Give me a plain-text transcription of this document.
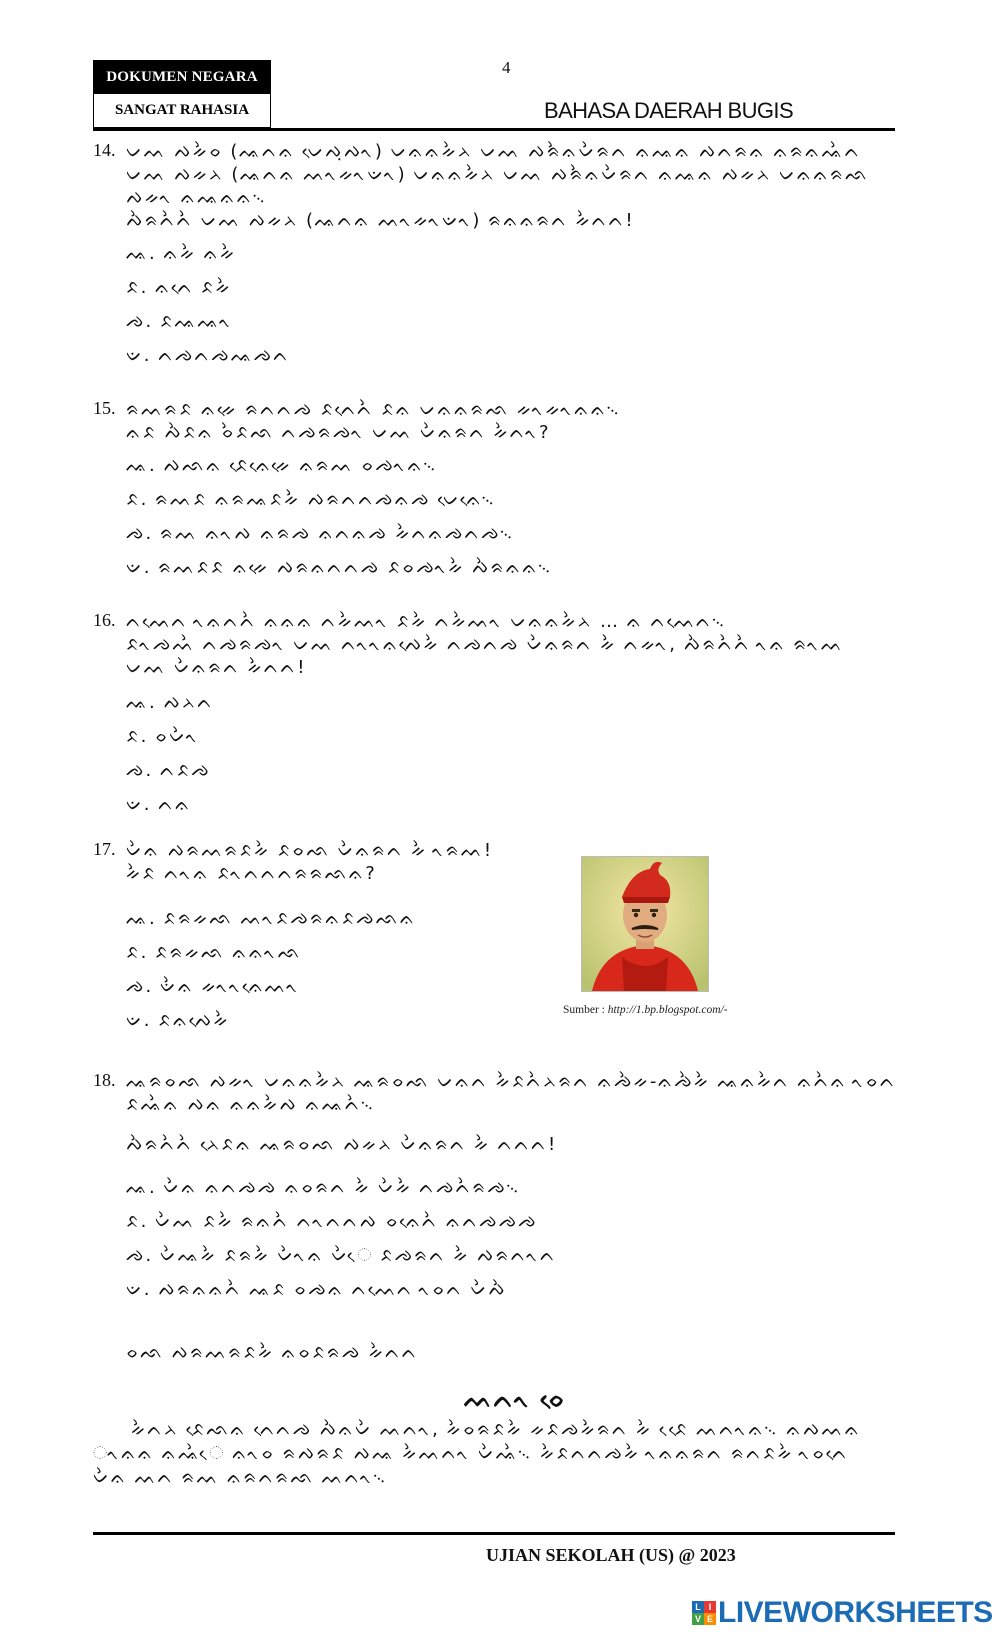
DOKUMEN NEGARA
SANGAT RAHASIA
4
BAHASA DAERAH BUGIS
14. ᨆᨓ ᨄᨀᨛᨔ (ᨕᨈᨊ ᨆᨙᨄᨘᨄᨚ) ᨆᨊᨊᨀᨛᨂ ᨆᨓ ᨄᨑᨛᨊᨆᨛᨑᨈ ᨊᨕᨊ ᨄᨈᨑᨊ ᨊᨑᨊᨕᨛᨈ
ᨆᨓ ᨄᨀᨂ (ᨕᨈᨊ ᨓᨚᨀᨚᨉᨚ) ᨆᨊᨊᨀᨛᨂ ᨆᨓ ᨄᨑᨛᨊᨆᨛᨑᨈ ᨊᨕᨊ ᨄᨀᨂ ᨆᨊᨊᨑᨒ
ᨄᨀᨚ ᨊᨕᨊᨊ᨞
ᨄᨛᨑᨈᨛᨈᨛ ᨆᨓ ᨄᨀᨂ (ᨕᨈᨊ ᨓᨚᨀᨚᨉᨚ) ᨑᨊᨊᨑᨈ ᨀᨛᨈᨈ!
ᨕ. ᨊᨀᨛ ᨊᨀᨛ
ᨅ. ᨊᨈᨙ ᨅᨀᨛ
ᨌ. ᨅᨕᨕᨚ
ᨉ. ᨈᨌᨈᨌᨕᨌᨈ
15. ᨑᨓᨑᨅ ᨊᨀᨙ ᨑᨈᨈᨌ ᨅᨈᨙᨈᨛ ᨅᨊ ᨆᨊᨊᨑᨒ ᨀᨚᨀᨚᨊᨊ᨞
ᨊᨅ ᨄᨛᨅᨊ ᨔᨛᨅᨒ ᨈᨌᨑᨌᨚ ᨆᨓ ᨆᨛᨊᨑᨈ ᨀᨛᨈᨚ?
ᨕ. ᨄᨒᨊ ᨅᨙᨊᨙᨀᨙ ᨊᨑᨓ ᨔᨌᨚᨊ᨞
ᨅ. ᨑᨓᨅ ᨊᨑᨕᨅᨀᨛ ᨄᨑᨈᨈᨌᨊᨌ ᨆᨙᨊᨙ᨞
ᨌ. ᨑᨓ ᨊᨚᨄ ᨊᨑᨌ ᨊᨈᨊᨌ ᨀᨛᨈᨊᨌᨈᨌ᨞
ᨉ. ᨑᨓᨅᨅ ᨊᨀᨙ ᨄᨑᨊᨈᨈᨌ ᨅᨔᨌᨚᨀᨛ ᨄᨛᨑᨊᨊ᨞
16. ᨈᨓᨙᨈ ᨚᨊᨈᨈᨛ ᨊᨊᨊ ᨈᨀᨛᨓᨚ ᨅᨀᨛ ᨈᨀᨛᨓᨚ ᨆᨊᨊᨀᨛᨂ … ᨊ ᨈᨓᨙᨈ᨞
ᨅᨚᨌᨓᨛ ᨈᨌᨑᨌᨚ ᨆᨓ ᨈᨚᨚᨊᨄᨙᨀᨛ ᨈᨌᨈᨌ ᨆᨛᨊᨑᨈ ᨀᨛ ᨈᨀᨚ, ᨄᨛᨑᨈᨛᨈᨛ ᨚᨊ ᨑᨚᨓ
ᨆᨓ ᨆᨛᨊᨑᨈ ᨀᨛᨈᨈ!
ᨕ. ᨄᨂᨈ
ᨅ. ᨔᨆᨛᨚ
ᨌ. ᨈᨅᨌ
ᨉ. ᨈᨊ
17. ᨆᨛᨊ ᨄᨑᨓᨑᨅᨀᨛ ᨅᨔᨒ ᨆᨛᨊᨑᨈ ᨀᨛ ᨚᨑᨓ!
ᨀᨛᨅ ᨈᨚᨊ ᨅᨚᨈᨈᨈᨑᨑᨒᨊ?
ᨕ. ᨅᨑᨀᨒ ᨓᨚᨅᨌᨑᨊᨅᨌᨒᨊ
ᨅ. ᨅᨑᨀᨒ ᨊᨊᨚᨒ
ᨌ. ᨉᨛᨊ ᨀᨚᨚᨊᨙᨓᨚ
ᨉ. ᨅᨊᨄᨙᨀᨛ	Sumber : http://1.bp.blogspot.com/-
18. ᨕᨑᨔᨒ ᨄᨀᨚ ᨆᨊᨊᨀᨛᨂ ᨕᨑᨔᨒ ᨆᨊᨈ ᨀᨛᨅᨈᨛᨂᨑᨈ ᨊᨌᨛᨀ-ᨊᨌᨛᨀᨛ ᨕᨊᨀᨛᨈ ᨊᨈᨛᨊ ᨚᨔᨈ
ᨅᨕᨛᨊ ᨄᨊ ᨊᨊᨀᨛᨄ ᨊᨕᨈᨛ᨞
ᨄᨛᨑᨈᨛᨈᨛ ᨂᨙᨅᨊ ᨕᨑᨔᨒ ᨄᨀᨂ ᨆᨛᨊᨑᨈ ᨀᨛ ᨈᨈᨈ!
ᨕ. ᨆᨛᨊ ᨊᨈᨌᨌ ᨊᨔᨑᨈ ᨀᨛ ᨆᨛᨀᨛ ᨈᨌᨈᨛᨑᨌ᨞
ᨅ. ᨆᨛᨓ ᨅᨀᨛ ᨑᨊᨈᨛ ᨈᨚᨈᨈᨄ ᨔᨊᨙᨈᨛ ᨊᨈᨌᨌᨌ
ᨌ. ᨆᨛᨕᨀᨛ ᨅᨑᨀᨛ ᨆᨛᨚᨊ ᨆᨛᨙ ᨅᨌᨑᨈ ᨀᨛ ᨄᨑᨈᨚᨈ
ᨉ. ᨄᨑᨊᨊᨈᨛ ᨕᨅ ᨔᨌᨊ ᨈᨓᨙᨈ ᨚᨔᨈ ᨆᨛᨄᨛ
ᨔᨒ ᨄᨑᨓᨑᨅᨀᨛ ᨊᨔᨅᨑᨌ ᨀᨛᨈᨈ
ᨓᨈᨚ ᨔᨙ
ᨀᨛᨈᨂ ᨅᨙᨒᨊ ᨈᨙᨈᨌ ᨄᨛᨊᨆᨛ ᨓᨈᨚ, ᨀᨛᨔᨑᨅᨀᨛ ᨀᨅᨌᨀᨛᨑᨈ ᨀᨛ ᨅᨙᨙ ᨓᨈᨚᨊ᨞ ᨊᨄᨓᨊ
ᨚᨊᨊ ᨊᨕᨛᨙ ᨊᨚᨔ ᨑᨄᨑᨅ ᨄᨕ ᨀᨛᨓᨈᨚ ᨆᨛᨕᨛ᨞ ᨀᨛᨅᨈᨈᨌᨀᨛ ᨚᨊᨊᨑᨈ ᨑᨈᨅᨀᨛ ᨚᨔᨈᨙ
ᨆᨛᨊ ᨓᨈ ᨑᨓ ᨊᨑᨈᨑᨒ ᨓᨈᨚ᨞
UJIAN SEKOLAH (US) @ 2023
L I
V E LIVEWORKSHEETS
